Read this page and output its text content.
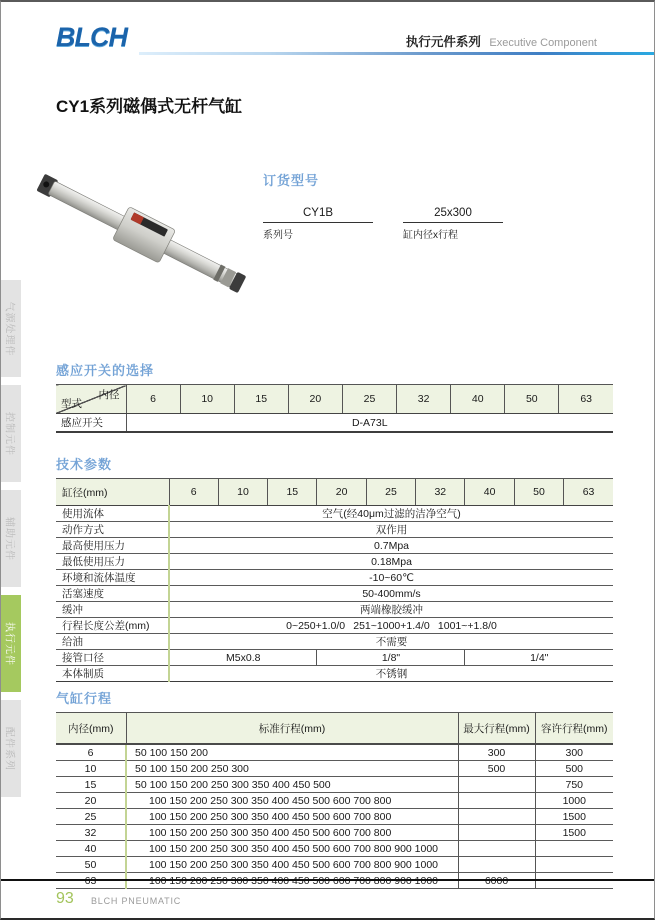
BLCH	执行元件系列 Executive Component
CY1系列磁偶式无杆气缸
订货型号
CY1B
系列号
25x300
缸内径x行程
感应开关的选择
内径
型式	6	10	15	20	25	32	40	50	63
感应开关	D-A73L								
技术参数
缸径(mm)	6	10	15	20	25	32	40	50	63
使用流体	空气(经40μm过滤的洁净空气)								
动作方式	双作用								
最高使用压力	0.7Mpa								
最低使用压力	0.18Mpa								
环境和流体温度	-10~60℃								
活塞速度	50-400mm/s								
缓冲	两端橡胶缓冲								
行程长度公差(mm)	0~250+1.0/0  251~1000+1.4/0  1001~+1.8/0								
给油	不需要								
接管口径	M5x0.8			1/8"			1/4"		
本体制质	不锈钢								
气缸行程
内径(mm)	标准行程(mm)	最大行程(mm)	容许行程(mm)
6	50 100 150 200	300	300
10	50 100 150 200 250 300	500	500
15	50 100 150 200 250 300 350 400 450 500		750
20	100 150 200 250 300 350 400 450 500 600 700 800		1000
25	100 150 200 250 300 350 400 450 500 600 700 800		1500
32	100 150 200 250 300 350 400 450 500 600 700 800		1500
40	100 150 200 250 300 350 400 450 500 600 700 800 900 1000		
50	100 150 200 250 300 350 400 450 500 600 700 800 900 1000		
63	100 150 200 250 300 350 400 450 500 600 700 800 900 1000	6000	
气源处理件
控制元件
辅助元件
执行元件
配件系列
93 BLCH PNEUMATIC
